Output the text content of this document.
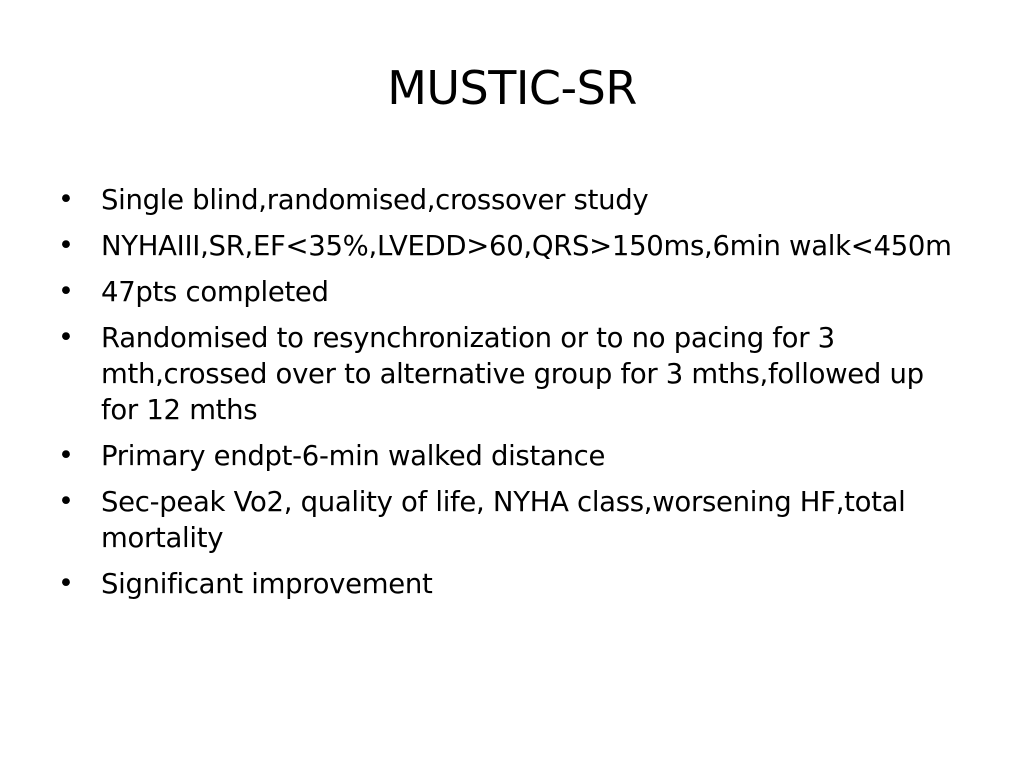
MUSTIC-SR
• Single blind,randomised,crossover study
• NYHAIII,SR,EF<35%,LVEDD>60,QRS>150ms,6min walk<450m
• 47pts completed
• Randomised to resynchronization or to no pacing for 3 mth,crossed over to alternative group for 3 mths,followed up for 12 mths
• Primary endpt-6-min walked distance
• Sec-peak Vo2, quality of life, NYHA class,worsening HF,total mortality
• Significant improvement
